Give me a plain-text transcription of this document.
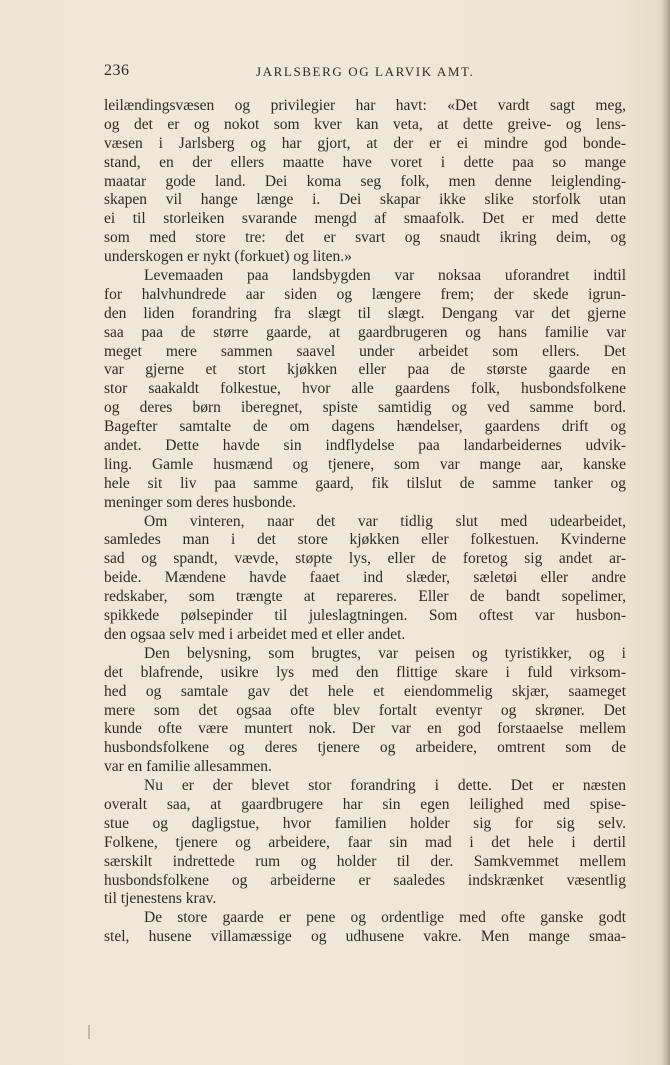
236	JARLSBERG OG LARVIK AMT.
leilændingsvæsen og privilegier har havt: «Det vardt sagt meg,
og det er og nokot som kver kan veta, at dette greive- og lens-
væsen i Jarlsberg og har gjort, at der er ei mindre god bonde-
stand, en der ellers maatte have voret i dette paa so mange
maatar gode land. Dei koma seg folk, men denne leiglending-
skapen vil hange længe i. Dei skapar ikke slike storfolk utan
ei til storleiken svarande mengd af smaafolk. Det er med dette
som med store tre: det er svart og snaudt ikring deim, og
underskogen er nykt (forkuet) og liten.»
Levemaaden paa landsbygden var noksaa uforandret indtil
for halvhundrede aar siden og længere frem; der skede igrun-
den liden forandring fra slægt til slægt. Dengang var det gjerne
saa paa de større gaarde, at gaardbrugeren og hans familie var
meget mere sammen saavel under arbeidet som ellers. Det
var gjerne et stort kjøkken eller paa de største gaarde en
stor saakaldt folkestue, hvor alle gaardens folk, husbondsfolkene
og deres børn iberegnet, spiste samtidig og ved samme bord.
Bagefter samtalte de om dagens hændelser, gaardens drift og
andet. Dette havde sin indflydelse paa landarbeidernes udvik-
ling. Gamle husmænd og tjenere, som var mange aar, kanske
hele sit liv paa samme gaard, fik tilslut de samme tanker og
meninger som deres husbonde.
Om vinteren, naar det var tidlig slut med udearbeidet,
samledes man i det store kjøkken eller folkestuen. Kvinderne
sad og spandt, vævde, støpte lys, eller de foretog sig andet ar-
beide. Mændene havde faaet ind slæder, sæletøi eller andre
redskaber, som trængte at repareres. Eller de bandt sopelimer,
spikkede pølsepinder til juleslagtningen. Som oftest var husbon-
den ogsaa selv med i arbeidet med et eller andet.
Den belysning, som brugtes, var peisen og tyristikker, og i
det blafrende, usikre lys med den flittige skare i fuld virksom-
hed og samtale gav det hele et eiendommelig skjær, saameget
mere som det ogsaa ofte blev fortalt eventyr og skrøner. Det
kunde ofte være muntert nok. Der var en god forstaaelse mellem
husbondsfolkene og deres tjenere og arbeidere, omtrent som de
var en familie allesammen.
Nu er der blevet stor forandring i dette. Det er næsten
overalt saa, at gaardbrugere har sin egen leilighed med spise-
stue og dagligstue, hvor familien holder sig for sig selv.
Folkene, tjenere og arbeidere, faar sin mad i det hele i dertil
særskilt indrettede rum og holder til der. Samkvemmet mellem
husbondsfolkene og arbeiderne er saaledes indskrænket væsentlig
til tjenestens krav.
De store gaarde er pene og ordentlige med ofte ganske godt
stel, husene villamæssige og udhusene vakre. Men mange smaa-
